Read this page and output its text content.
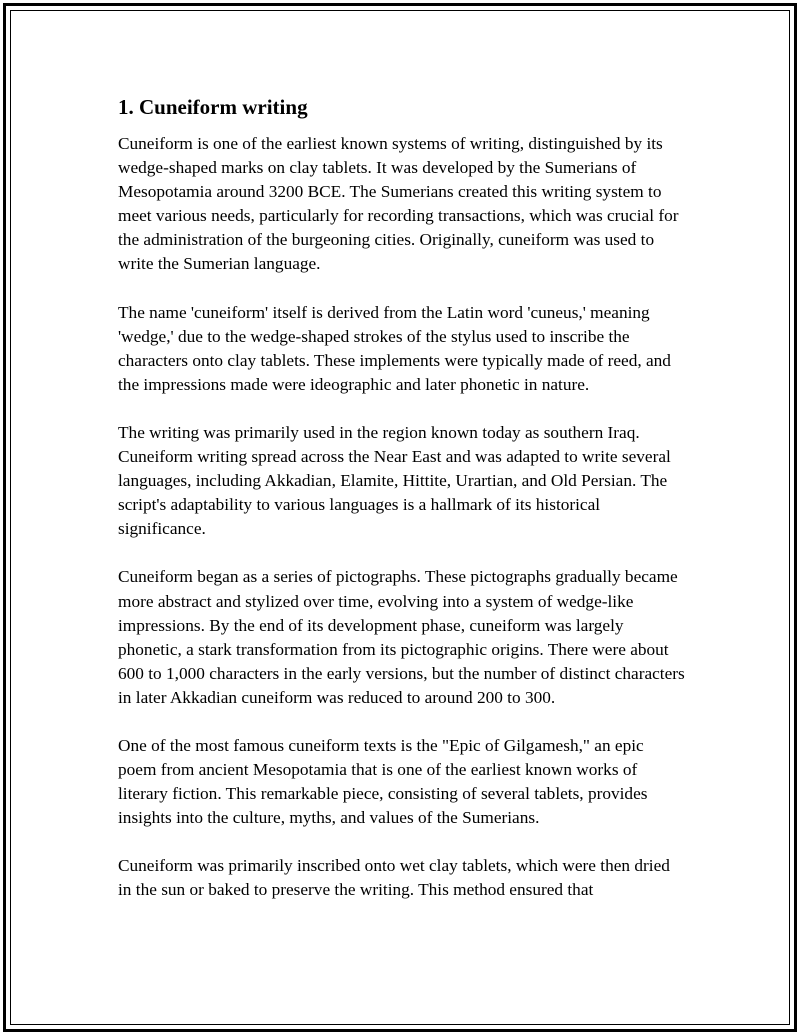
1. Cuneiform writing

Cuneiform is one of the earliest known systems of writing, distinguished by its wedge-shaped marks on clay tablets. It was developed by the Sumerians of Mesopotamia around 3200 BCE. The Sumerians created this writing system to meet various needs, particularly for recording transactions, which was crucial for the administration of the burgeoning cities. Originally, cuneiform was used to write the Sumerian language.

The name 'cuneiform' itself is derived from the Latin word 'cuneus,' meaning 'wedge,' due to the wedge-shaped strokes of the stylus used to inscribe the characters onto clay tablets. These implements were typically made of reed, and the impressions made were ideographic and later phonetic in nature.

The writing was primarily used in the region known today as southern Iraq. Cuneiform writing spread across the Near East and was adapted to write several languages, including Akkadian, Elamite, Hittite, Urartian, and Old Persian. The script's adaptability to various languages is a hallmark of its historical significance.

Cuneiform began as a series of pictographs. These pictographs gradually became more abstract and stylized over time, evolving into a system of wedge-like impressions. By the end of its development phase, cuneiform was largely phonetic, a stark transformation from its pictographic origins. There were about 600 to 1,000 characters in the early versions, but the number of distinct characters in later Akkadian cuneiform was reduced to around 200 to 300.

One of the most famous cuneiform texts is the "Epic of Gilgamesh," an epic poem from ancient Mesopotamia that is one of the earliest known works of literary fiction. This remarkable piece, consisting of several tablets, provides insights into the culture, myths, and values of the Sumerians.

Cuneiform was primarily inscribed onto wet clay tablets, which were then dried in the sun or baked to preserve the writing. This method ensured that
